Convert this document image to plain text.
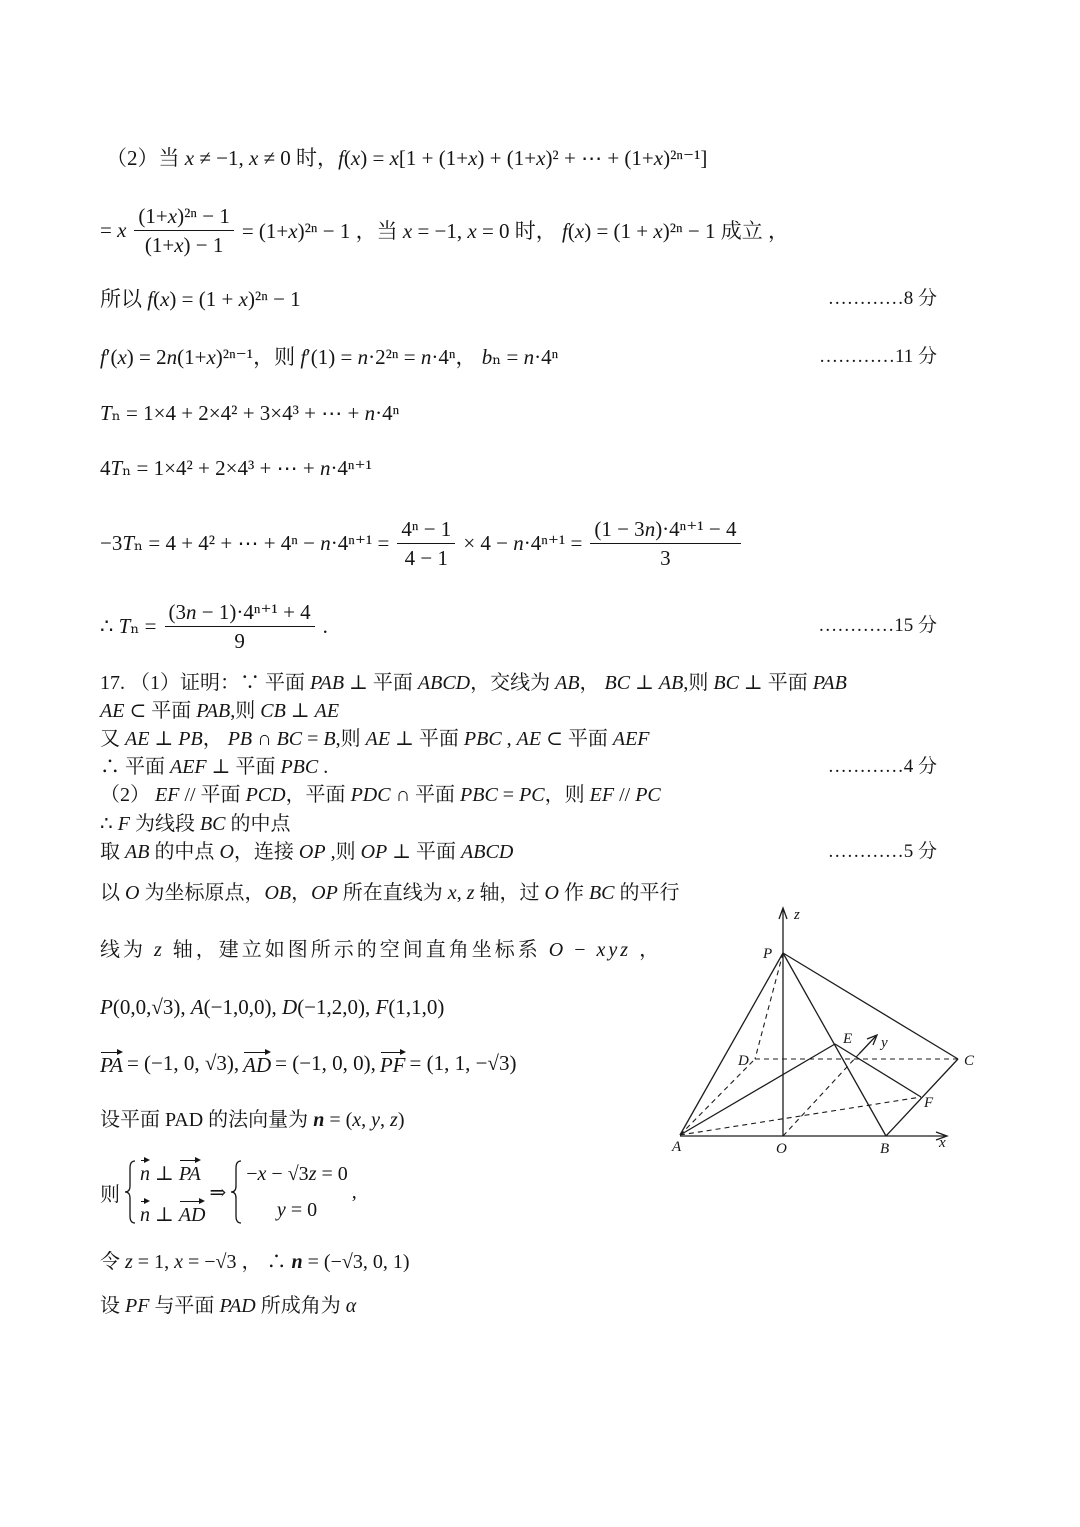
（2）当 x ≠ −1, x ≠ 0 时，f(x) = x[1 + (1+x) + (1+x)² + ⋯ + (1+x)²ⁿ⁻¹]
= x $\frac{\text{(1+x)²ⁿ − 1}}{(1+x) - 1} = (1+x)^{2n} - 1$ ，当 x = −1, x = 0 时， f(x) = (1 + x)²ⁿ − 1 成立 ，
所以 f(x) = (1 + x)²ⁿ − 1	…………8 分
f′(x) = 2n(1+x)²ⁿ⁻¹，则 f′(1) = n·2²ⁿ = n·4ⁿ， bₙ = n·4ⁿ	…………11 分
Tₙ = 1×4 + 2×4² + 3×4³ + ⋯ + n·4ⁿ
4Tₙ = 1×4² + 2×4³ + ⋯ + n·4ⁿ⁺¹
−3Tₙ = 4 + 4² + ⋯ + $4^n - n\cdot 4^{n+1} = \frac{\text{4ⁿ − 1}}{4 - 1} \times 4 - n\cdot 4^{n+1} = \frac{\text{(1 − 3n)·4ⁿ⁺¹ − 4}}{3}$
∴ $T_n = \frac{\text{(3n − 1)·4ⁿ⁺¹ + 4}}{9}$ .	…………15 分
17. （1）证明：∵ 平面 PAB ⊥ 平面 ABCD，交线为 AB， BC ⊥ AB,则 BC ⊥ 平面 PAB
AE ⊂ 平面 PAB,则 CB ⊥ AE
又 AE ⊥ PB， PB ∩ BC = B,则 AE ⊥ 平面 PBC , AE ⊂ 平面 AEF
∴ 平面 AEF ⊥ 平面 PBC .	…………4 分
（2） EF // 平面 PCD，平面 PDC ∩ 平面 PBC = PC，则 EF // PC
∴ F 为线段 BC 的中点
取 AB 的中点 O，连接 OP ,则 OP ⊥ 平面 ABCD	…………5 分
以 O 为坐标原点，OB，OP 所在直线为 x, z 轴，过 O 作 BC 的平行
线为 z 轴，建立如图所示的空间直角坐标系 O − xyz ，
P(0,0,√3), A(−1,0,0), D(−1,2,0), F(1,1,0)
PA = (−1, 0, √3), AD = (−1, 0, 0), PF = (1, 1, −√3)
设平面 PAD 的法向量为 n = (x, y, z)
则
n ⊥ PA
n ⊥ AD
⇒
−x − √3z = 0
y = 0
,
令 z = 1, x = −√3 ， ∴ n = (−√3, 0, 1)
设 PF 与平面 PAD 所成角为 α
z
P
E y
D	C
F
A	O	B	x
